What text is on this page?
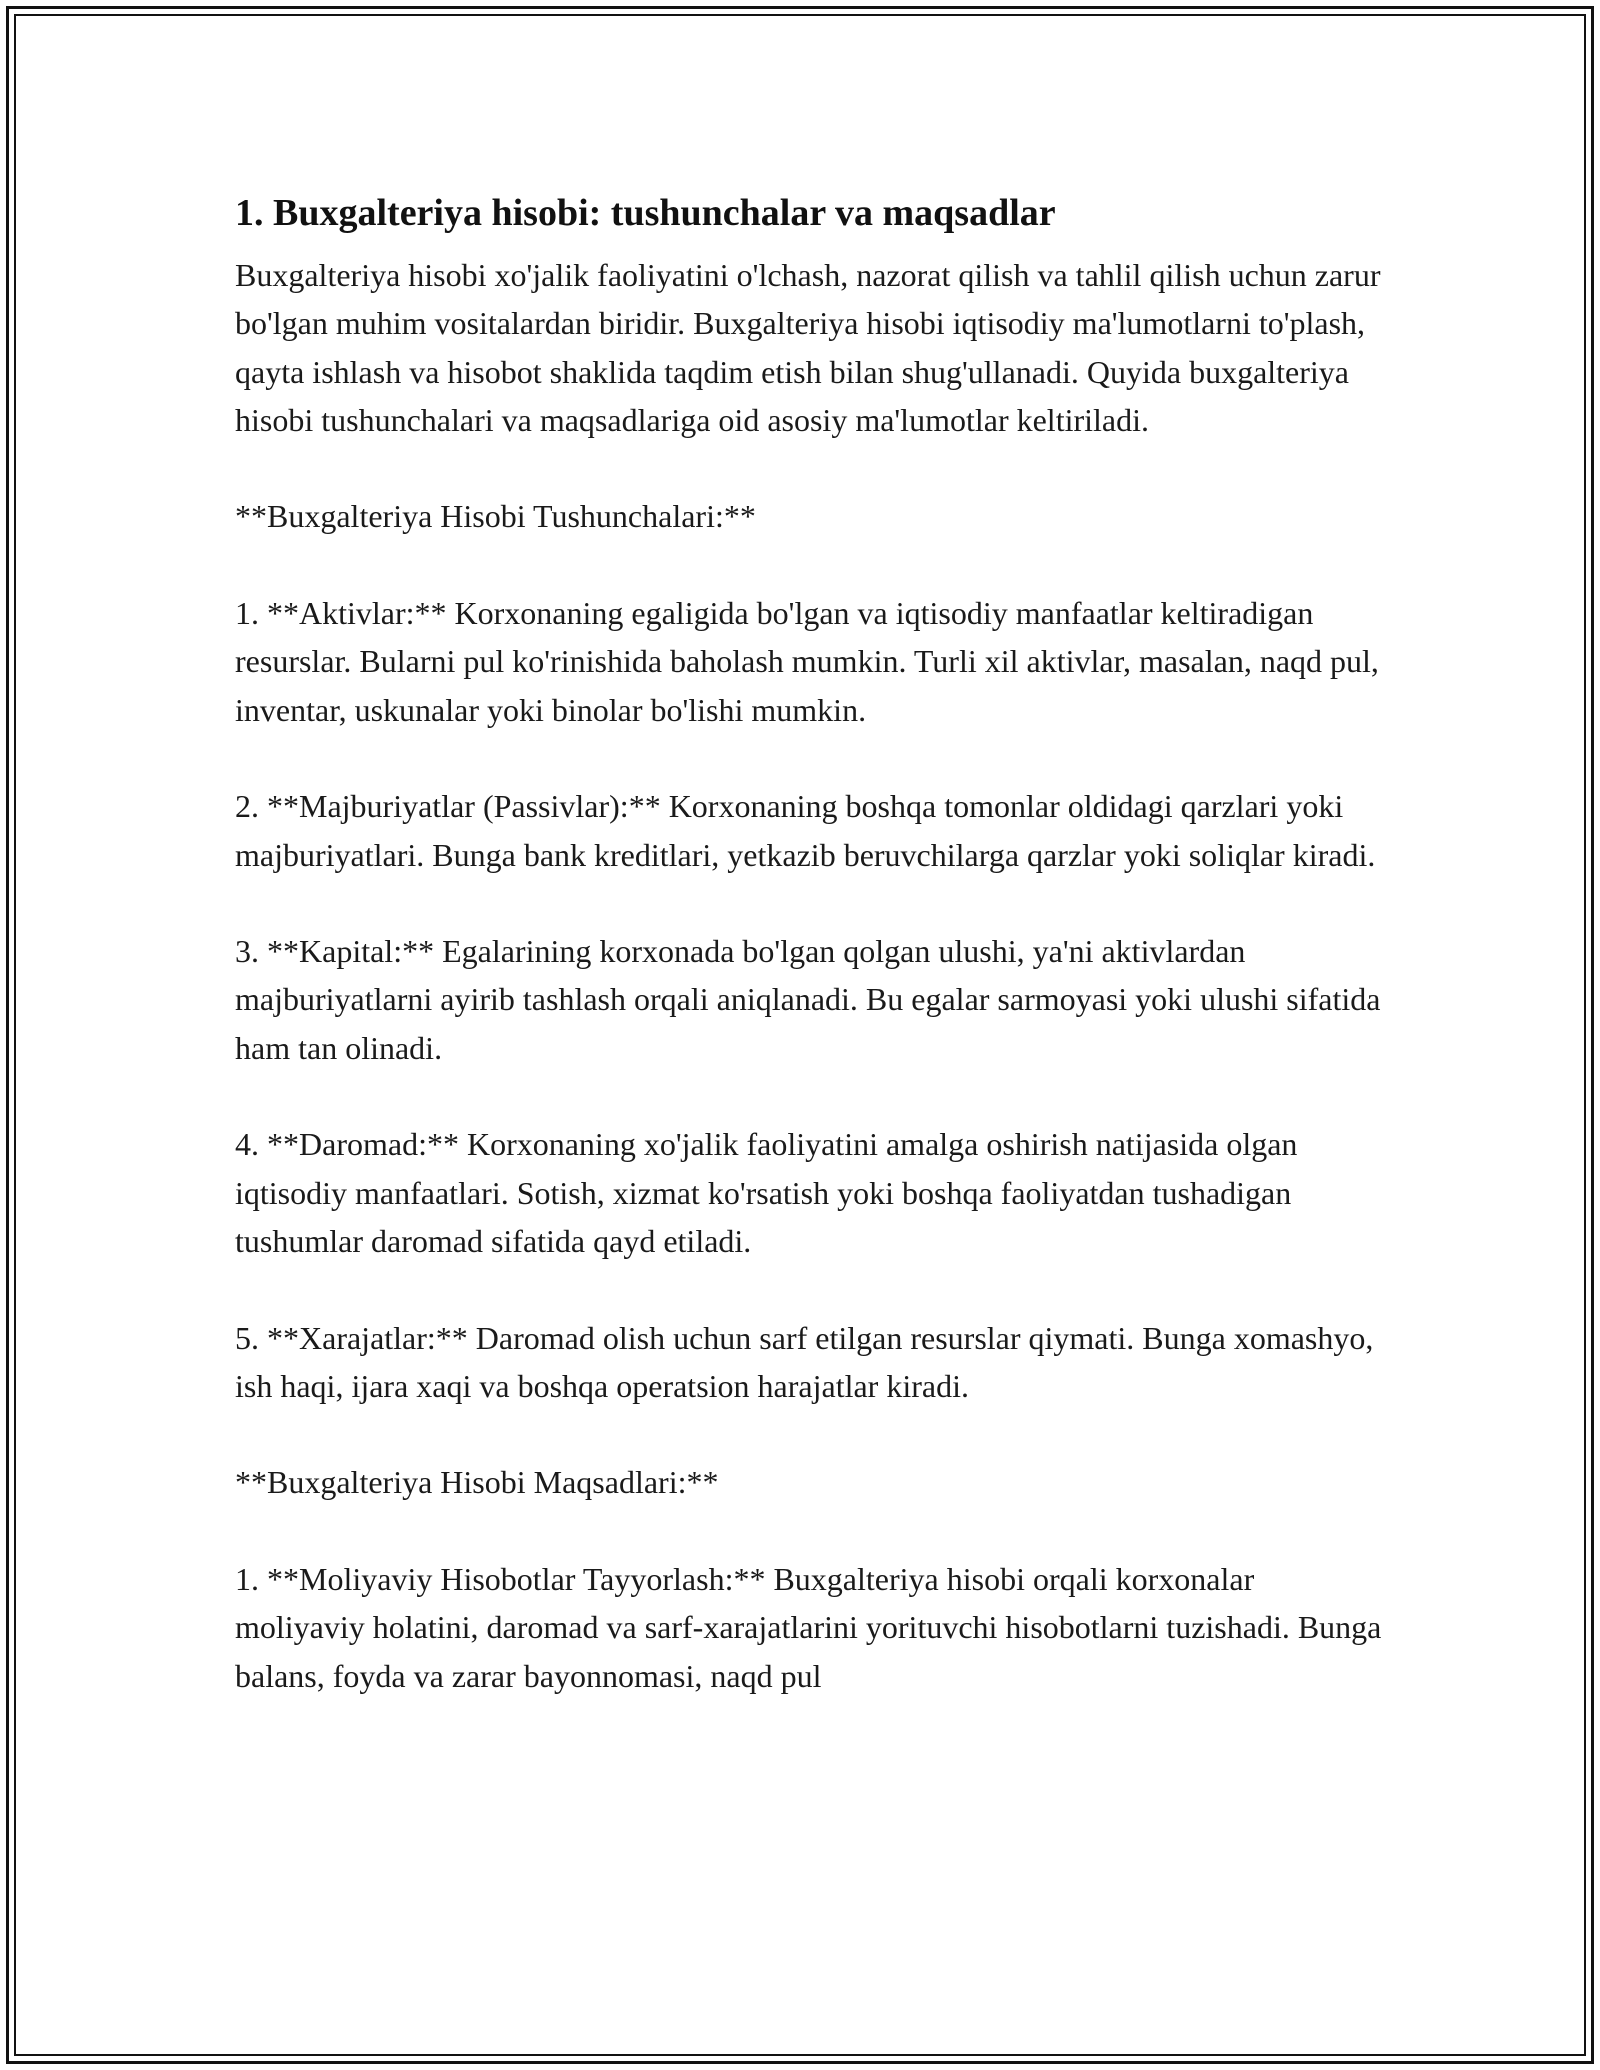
1. Buxgalteriya hisobi: tushunchalar va maqsadlar

Buxgalteriya hisobi xo'jalik faoliyatini o'lchash, nazorat qilish va tahlil qilish uchun zarur bo'lgan muhim vositalardan biridir. Buxgalteriya hisobi iqtisodiy ma'lumotlarni to'plash, qayta ishlash va hisobot shaklida taqdim etish bilan shug'ullanadi. Quyida buxgalteriya hisobi tushunchalari va maqsadlariga oid asosiy ma'lumotlar keltiriladi.

**Buxgalteriya Hisobi Tushunchalari:**

1. **Aktivlar:** Korxonaning egaligida bo'lgan va iqtisodiy manfaatlar keltiradigan resurslar. Bularni pul ko'rinishida baholash mumkin. Turli xil aktivlar, masalan, naqd pul, inventar, uskunalar yoki binolar bo'lishi mumkin.

2. **Majburiyatlar (Passivlar):** Korxonaning boshqa tomonlar oldidagi qarzlari yoki majburiyatlari. Bunga bank kreditlari, yetkazib beruvchilarga qarzlar yoki soliqlar kiradi.

3. **Kapital:** Egalarining korxonada bo'lgan qolgan ulushi, ya'ni aktivlardan majburiyatlarni ayirib tashlash orqali aniqlanadi. Bu egalar sarmoyasi yoki ulushi sifatida ham tan olinadi.

4. **Daromad:** Korxonaning xo'jalik faoliyatini amalga oshirish natijasida olgan iqtisodiy manfaatlari. Sotish, xizmat ko'rsatish yoki boshqa faoliyatdan tushadigan tushumlar daromad sifatida qayd etiladi.

5. **Xarajatlar:** Daromad olish uchun sarf etilgan resurslar qiymati. Bunga xomashyo, ish haqi, ijara xaqi va boshqa operatsion harajatlar kiradi.

**Buxgalteriya Hisobi Maqsadlari:**

1. **Moliyaviy Hisobotlar Tayyorlash:** Buxgalteriya hisobi orqali korxonalar moliyaviy holatini, daromad va sarf-xarajatlarini yorituvchi hisobotlarni tuzishadi. Bunga balans, foyda va zarar bayonnomasi, naqd pul
